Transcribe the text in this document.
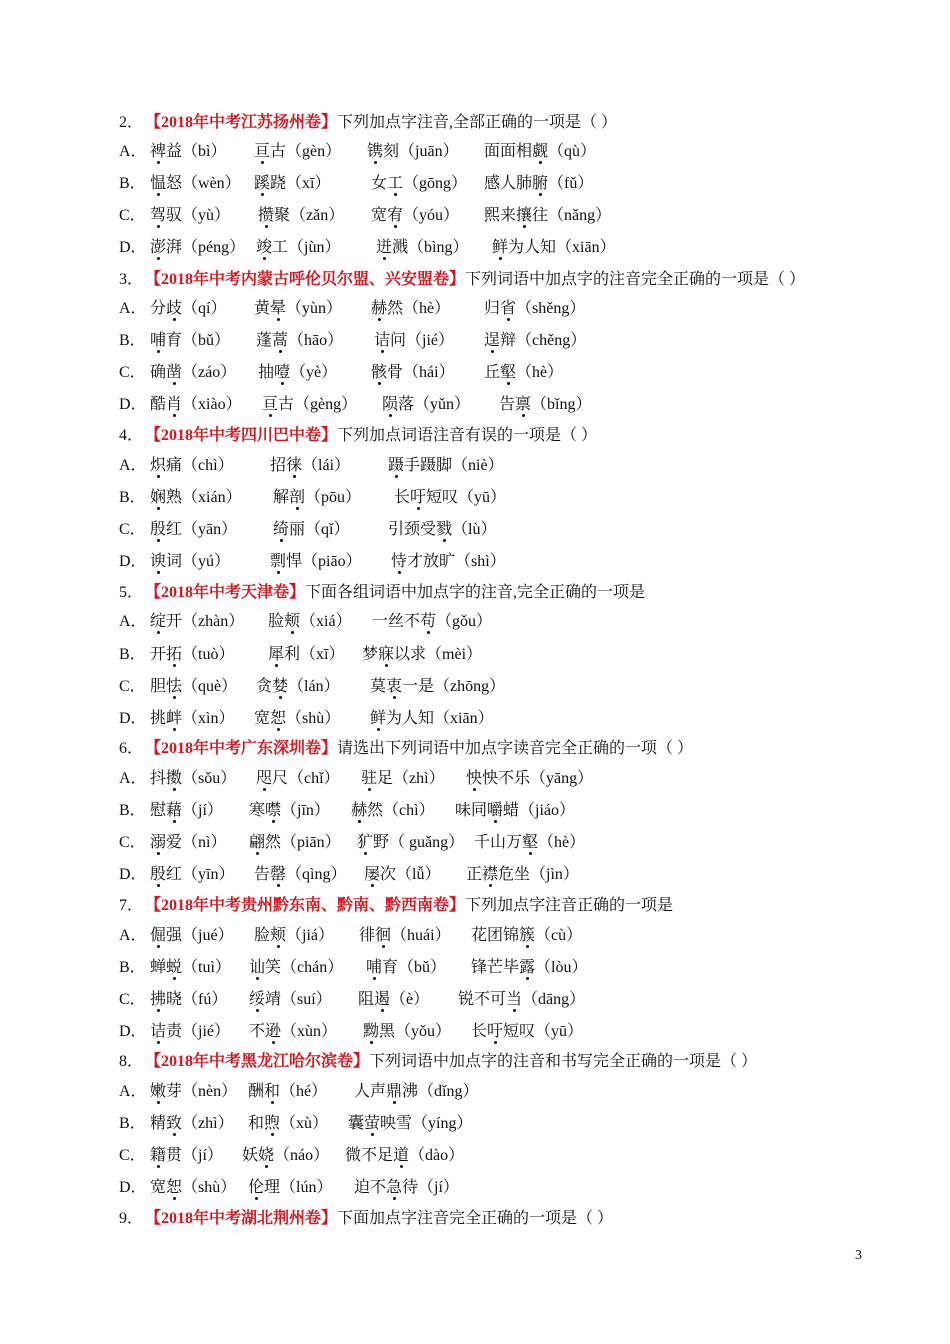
2． 【2018年中考江苏扬州卷】下列加点字注音,全部正确的一项是（ ）
A． 裨益（bì） 亘古（gèn） 镌刻（juān） 面面相觑（qù）
B． 愠怒（wèn） 蹊跷（xī）	女工（gōng） 感人肺腑（fǔ）
C． 驾驭（yù） 攒聚（zǎn） 宽宥（yóu） 熙来攘往（nǎng）
D． 澎湃（péng） 竣工（jùn） 迸溅（bìng） 鲜为人知（xiān）
3． 【2018年中考内蒙古呼伦贝尔盟、兴安盟卷】下列词语中加点字的注音完全正确的一项是（ ）
A． 分歧（qí） 黄晕（yùn） 赫然（hè） 归省（shěng）
B． 哺育（bǔ） 蓬蒿（hāo） 诘问（jié） 逞辩（chěng）
C． 确凿（záo） 抽噎（yè） 骸骨（hái） 丘壑（hè）
D． 酷肖（xiào） 亘古（gèng） 陨落（yǔn） 告禀（bǐng）
4． 【2018年中考四川巴中卷】下列加点词语注音有误的一项是（ ）
A． 炽痛（chì） 招徕（lái） 蹑手蹑脚（niè）
B． 娴熟（xián） 解剖（pōu） 长吁短叹（yū）
C． 殷红（yān） 绮丽（qǐ） 引颈受戮（lù）
D． 谀词（yú） 剽悍（piāo） 恃才放旷（shì）
5． 【2018年中考天津卷】下面各组词语中加点字的注音,完全正确的一项是
A． 绽开（zhàn） 脸颊（xiá） 一丝不苟（gǒu）
B． 开拓（tuò） 犀利（xī） 梦寐以求（mèi）
C． 胆怯（què） 贪婪（lán） 莫衷一是（zhōng）
D． 挑衅（xìn） 宽恕（shù） 鲜为人知（xiān）
6． 【2018年中考广东深圳卷】请选出下列词语中加点字读音完全正确的一项（ ）
A． 抖擞（sǒu） 咫尺（chǐ） 驻足（zhì） 怏怏不乐（yāng）
B． 慰藉（jí） 寒噤（jīn） 赫然（chì） 味同嚼蜡（jiáo）
C． 溺爱（nì） 翩然（piān） 犷野（ guǎng） 千山万壑（hè）
D． 殷红（yīn） 告罄（qìng） 屡次（lǚ） 正襟危坐（jìn）
7． 【2018年中考贵州黔东南、黔南、黔西南卷】下列加点字注音正确的一项是
A． 倔强（jué） 脸颊（jiá） 徘徊（huái） 花团锦簇（cù）
B． 蝉蜕（tuì） 讪笑（chán） 哺育（bǔ） 锋芒毕露（lòu）
C． 拂晓（fú） 绥靖（suí） 阻遏（è） 锐不可当（dāng）
D． 诘责（jié） 不逊（xùn） 黝黑（yǒu） 长吁短叹（yū）
8． 【2018年中考黑龙江哈尔滨卷】下列词语中加点字的注音和书写完全正确的一项是（ ）
A． 嫩芽（nèn） 酬和（hé） 人声鼎沸（dǐng）
B． 精致（zhì） 和煦（xù） 囊萤映雪（yíng）
C． 籍贯（jí） 妖娆（náo） 微不足道（dào）
D． 宽恕（shù） 伦理（lún） 迫不急待（jí）
9． 【2018年中考湖北荆州卷】下面加点字注音完全正确的一项是（ ）
3
